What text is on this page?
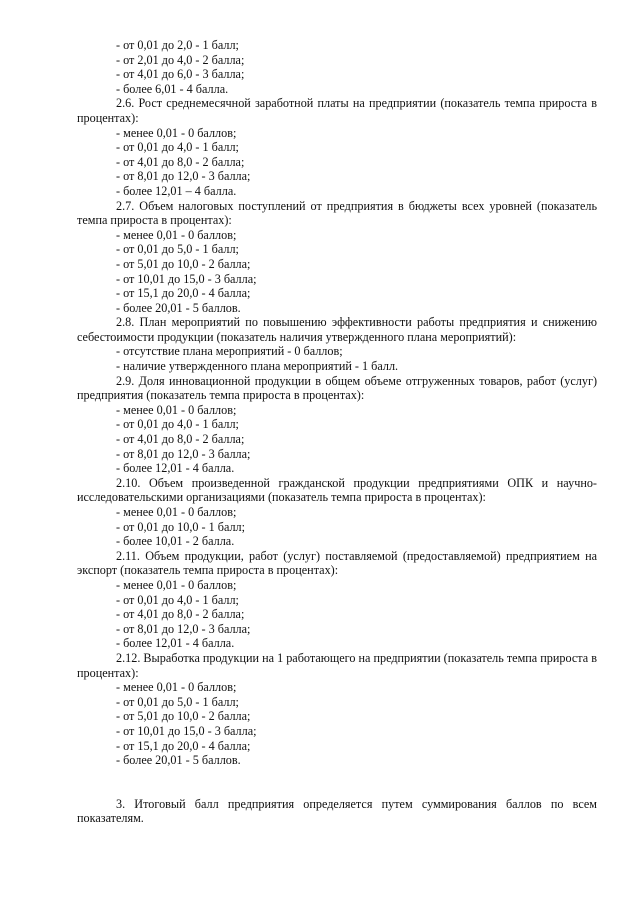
- от 0,01 до 2,0 - 1 балл;
- от 2,01 до 4,0 - 2 балла;
- от 4,01 до 6,0 - 3 балла;
- более 6,01 - 4 балла.
2.6. Рост среднемесячной заработной платы на предприятии (показатель темпа прироста в процентах):
- менее 0,01 - 0 баллов;
- от 0,01 до 4,0 - 1 балл;
- от 4,01 до 8,0 - 2 балла;
- от 8,01 до 12,0 - 3 балла;
- более 12,01 – 4 балла.
2.7. Объем налоговых поступлений от предприятия в бюджеты всех уровней (показатель темпа прироста в процентах):
- менее 0,01 - 0 баллов;
- от 0,01 до 5,0 - 1 балл;
- от 5,01 до 10,0 - 2 балла;
- от 10,01 до 15,0 - 3 балла;
- от 15,1 до 20,0 - 4 балла;
- более 20,01 - 5 баллов.
2.8. План мероприятий по повышению эффективности работы предприятия и снижению себестоимости продукции (показатель наличия утвержденного плана мероприятий):
- отсутствие плана мероприятий - 0 баллов;
- наличие утвержденного плана мероприятий - 1 балл.
2.9. Доля инновационной продукции в общем объеме отгруженных товаров, работ (услуг) предприятия (показатель темпа прироста в процентах):
- менее 0,01 - 0 баллов;
- от 0,01 до 4,0 - 1 балл;
- от 4,01 до 8,0 - 2 балла;
- от 8,01 до 12,0 - 3 балла;
- более 12,01 - 4 балла.
2.10. Объем произведенной гражданской продукции предприятиями ОПК и научно-исследовательскими организациями (показатель темпа прироста в процентах):
- менее 0,01 - 0 баллов;
- от 0,01 до 10,0 - 1 балл;
- более 10,01 - 2 балла.
2.11. Объем продукции, работ (услуг) поставляемой (предоставляемой) предприятием на экспорт (показатель темпа прироста в процентах):
- менее 0,01 - 0 баллов;
- от 0,01 до 4,0 - 1 балл;
- от 4,01 до 8,0 - 2 балла;
- от 8,01 до 12,0 - 3 балла;
- более 12,01 - 4 балла.
2.12. Выработка продукции на 1 работающего на предприятии (показатель темпа прироста в процентах):
- менее 0,01 - 0 баллов;
- от 0,01 до 5,0 - 1 балл;
- от 5,01 до 10,0 - 2 балла;
- от 10,01 до 15,0 - 3 балла;
- от 15,1 до 20,0 - 4 балла;
- более 20,01 - 5 баллов.

3. Итоговый балл предприятия определяется путем суммирования баллов по всем показателям.
